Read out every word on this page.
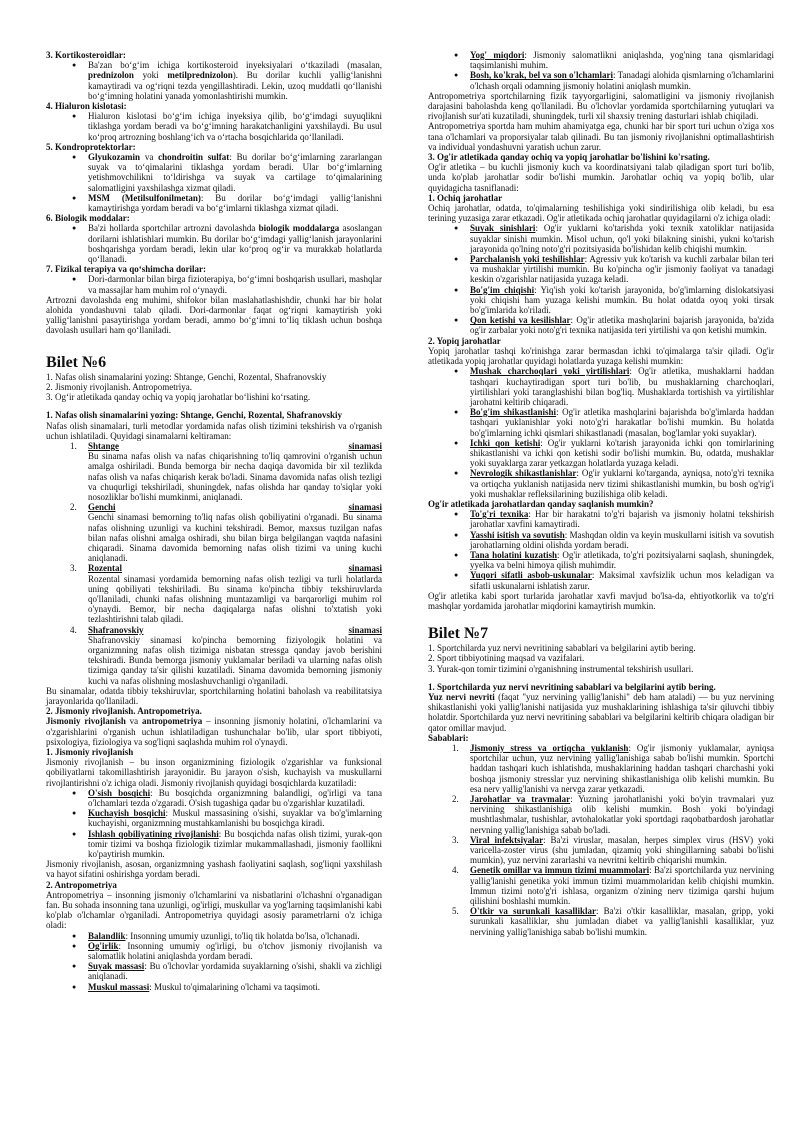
3. Kortikosteroidlar:

● Ba'zan bo‘g‘im ichiga kortikosteroid inyeksiyalari o‘tkaziladi (masalan, prednizolon yoki metilprednizolon). Bu dorilar kuchli yallig‘lanishni kamaytiradi va og‘riqni tezda yengillashtiradi. Lekin, uzoq muddatli qo‘llanishi bo‘g‘imning holatini yanada yomonlashtirishi mumkin.

4. Hialuron kislotasi:

● Hialuron kislotasi bo‘g‘im ichiga inyeksiya qilib, bo‘g‘imdagi suyuqlikni tiklashga yordam beradi va bo‘g‘imning harakatchanligini yaxshilaydi. Bu usul ko‘proq artrozning boshlang‘ich va o‘rtacha bosqichlarida qo‘llaniladi.

5. Kondroprotektorlar:

● Glyukozamin va chondroitin sulfat: Bu dorilar bo‘g‘imlarning zararlangan suyak va to‘qimalarini tiklashga yordam beradi. Ular bo‘g‘imlarning yetishmovchilikni to‘ldirishga va suyak va cartilage to‘qimalarining salomatligini yaxshilashga xizmat qiladi.
● MSM (Metilsulfonilmetan): Bu dorilar bo‘g‘imdagi yallig‘lanishni kamaytirishga yordam beradi va bo‘g‘imlarni tiklashga xizmat qiladi.

6. Biologik moddalar:

● Ba'zi hollarda sportchilar artrozni davolashda biologik moddalarga asoslangan dorilarni ishlatishlari mumkin. Bu dorilar bo‘g‘imdagi yallig‘lanish jarayonlarini boshqarishga yordam beradi, lekin ular ko‘proq og‘ir va murakkab holatlarda qo‘llanadi.

7. Fizikal terapiya va qo‘shimcha dorilar:

● Dori-darmonlar bilan birga fizioterapiya, bo‘g‘imni boshqarish usullari, mashqlar va massajlar ham muhim rol o‘ynaydi.

Artrozni davolashda eng muhimi, shifokor bilan maslahatlashishdir, chunki har bir holat alohida yondashuvni talab qiladi. Dori-darmonlar faqat og‘riqni kamaytirish yoki yallig‘lanishni pasaytirishga yordam beradi, ammo bo‘g‘imni to‘liq tiklash uchun boshqa davolash usullari ham qo‘llaniladi.

Bilet №6

1. Nafas olish sinamalarini yozing: Shtange, Genchi, Rozental, Shafranovskiy

2. Jismoniy rivojlanish. Antropometriya.

3. Og‘ir atletikada qanday ochiq va yopiq jarohatlar bo‘lishini ko‘rsating.

1. Nafas olish sinamalarini yozing: Shtange, Genchi, Rozental, Shafranovskiy

Nafas olish sinamalari, turli metodlar yordamida nafas olish tizimini tekshirish va o'rganish uchun ishlatiladi. Quyidagi sinamalarni keltiraman:

1. Shtange	sinamasi
Bu sinama nafas olish va nafas chiqarishning to'liq qamrovini o'rganish uchun amalga oshiriladi. Bunda bemorga bir necha daqiqa davomida bir xil tezlikda nafas olish va nafas chiqarish kerak bo'ladi. Sinama davomida nafas olish tezligi va chuqurligi tekshiriladi, shuningdek, nafas olishda har qanday to'siqlar yoki nosozliklar bo'lishi mumkinmi, aniqlanadi.
2. Genchi	sinamasi
Genchi sinamasi bemorning to'liq nafas olish qobiliyatini o'rganadi. Bu sinama nafas olishning uzunligi va kuchini tekshiradi. Bemor, maxsus tuzilgan nafas bilan nafas olishni amalga oshiradi, shu bilan birga belgilangan vaqtda nafasini chiqaradi. Sinama davomida bemorning nafas olish tizimi va uning kuchi aniqlanadi.
3. Rozental	sinamasi
Rozental sinamasi yordamida bemorning nafas olish tezligi va turli holatlarda uning qobiliyati tekshiriladi. Bu sinama ko'pincha tibbiy tekshiruvlarda qo'llaniladi, chunki nafas olishning muntazamligi va barqarorligi muhim rol o'ynaydi. Bemor, bir necha daqiqalarga nafas olishni to'xtatish yoki tezlashtirishni talab qiladi.
4. Shafranovskiy	sinamasi
Shafranovskiy sinamasi ko'pincha bemorning fiziyologik holatini va organizmning nafas olish tizimiga nisbatan stressga qanday javob berishini tekshiradi. Bunda bemorga jismoniy yuklamalar beriladi va ularning nafas olish tizimiga qanday ta'sir qilishi kuzatiladi. Sinama davomida bemorning jismoniy kuchi va nafas olishning moslashuvchanligi o'rganiladi.

Bu sinamalar, odatda tibbiy tekshiruvlar, sportchilarning holatini baholash va reabilitatsiya jarayonlarida qo'llaniladi.

2. Jismoniy rivojlanish. Antropometriya.

Jismoniy rivojlanish va antropometriya – insonning jismoniy holatini, o'lchamlarini va o'zgarishlarini o'rganish uchun ishlatiladigan tushunchalar bo'lib, ular sport tibbiyoti, psixologiya, fiziologiya va sog'liqni saqlashda muhim rol o'ynaydi.

1. Jismoniy rivojlanish

Jismoniy rivojlanish – bu inson organizmining fiziologik o'zgarishlar va funksional qobiliyatlarni takomillashtirish jarayonidir. Bu jarayon o'sish, kuchayish va muskullarni rivojlantirishni o'z ichiga oladi. Jismoniy rivojlanish quyidagi bosqichlarda kuzatiladi:

● O'sish bosqichi: Bu bosqichda organizmning balandligi, og'irligi va tana o'lchamlari tezda o'zgaradi. O'sish tugashiga qadar bu o'zgarishlar kuzatiladi.
● Kuchayish bosqichi: Muskul massasining o'sishi, suyaklar va bo'g'imlarning kuchayishi, organizmning mustahkamlanishi bu bosqichga kiradi.
● Ishlash qobiliyatining rivojlanishi: Bu bosqichda nafas olish tizimi, yurak-qon tomir tizimi va boshqa fiziologik tizimlar mukammallashadi, jismoniy faollikni ko'paytirish mumkin.

Jismoniy rivojlanish, asosan, organizmning yashash faoliyatini saqlash, sog'liqni yaxshilash va hayot sifatini oshirishga yordam beradi.

2. Antropometriya

Antropometriya – insonning jismoniy o'lchamlarini va nisbatlarini o'lchashni o'rganadigan fan. Bu sohada insonning tana uzunligi, og'irligi, muskullar va yog'larning taqsimlanishi kabi ko'plab o'lchamlar o'rganiladi. Antropometriya quyidagi asosiy parametrlarni o'z ichiga oladi:

● Balandlik: Insonning umumiy uzunligi, to'liq tik holatda bo'lsa, o'lchanadi.
● Og'irlik: Insonning umumiy og'irligi, bu o'tchov jismoniy rivojlanish va salomatlik holatini aniqlashda yordam beradi.
● Suyak massasi: Bu o'lchovlar yordamida suyaklarning o'sishi, shakli va zichligi aniqlanadi.
● Muskul massasi: Muskul to'qimalarining o'lchami va taqsimoti.
● Yog' miqdori: Jismoniy salomatlikni aniqlashda, yog'ning tana qismlaridagi taqsimlanishi muhim.
● Bosh, ko'krak, bel va son o'lchamlari: Tanadagi alohida qismlarning o'lchamlarini o'lchash orqali odamning jismoniy holatini aniqlash mumkin.

Antropometriya sportchilarning fizik tayyorgarligini, salomatligini va jismoniy rivojlanish darajasini baholashda keng qo'llaniladi. Bu o'lchovlar yordamida sportchilarning yutuqlari va rivojlanish sur'ati kuzatiladi, shuningdek, turli xil shaxsiy trening dasturlari ishlab chiqiladi.

Antropometriya sportda ham muhim ahamiyatga ega, chunki har bir sport turi uchun o'ziga xos tana o'lchamlari va proporsiyalar talab qilinadi. Bu tan jismoniy rivojlanishni optimallashtirish va individual yondashuvni yaratish uchun zarur.

3. Og'ir atletikada qanday ochiq va yopiq jarohatlar bo'lishini ko'rsating.

Og'ir atletika – bu kuchli jismoniy kuch va koordinatsiyani talab qiladigan sport turi bo'lib, unda ko'plab jarohatlar sodir bo'lishi mumkin. Jarohatlar ochiq va yopiq bo'lib, ular quyidagicha tasniflanadi:

1. Ochiq jarohatlar

Ochiq jarohatlar, odatda, to'qimalarning teshilishiga yoki sindirilishiga olib keladi, bu esa terining yuzasiga zarar etkazadi. Og'ir atletikada ochiq jarohatlar quyidagilarni o'z ichiga oladi:

● Suyak sinishlari: Og'ir yuklarni ko'tarishda yoki texnik xatoliklar natijasida suyaklar sinishi mumkin. Misol uchun, qo'l yoki bilakning sinishi, yukni ko'tarish jarayonida qo'lning noto'g'ri pozitsiyasida bo'lishidan kelib chiqishi mumkin.
● Parchalanish yoki teshilishlar: Agressiv yuk ko'tarish va kuchli zarbalar bilan teri va mushaklar yirtilishi mumkin. Bu ko'pincha og'ir jismoniy faoliyat va tanadagi keskin o'zgarishlar natijasida yuzaga keladi.
● Bo'g'im chiqishi: Yiq'ish yoki ko'tarish jarayonida, bo'g'imlarning dislokatsiyasi yoki chiqishi ham yuzaga kelishi mumkin. Bu holat odatda oyoq yoki tirsak bo'g'imlarida ko'riladi.
● Qon ketishi va kesilishlar: Og'ir atletika mashqlarini bajarish jarayonida, ba'zida og'ir zarbalar yoki noto'g'ri texnika natijasida teri yirtilishi va qon ketishi mumkin.

2. Yopiq jarohatlar

Yopiq jarohatlar tashqi ko'rinishga zarar bermasdan ichki to'qimalarga ta'sir qiladi. Og'ir atletikada yopiq jarohatlar quyidagi holatlarda yuzaga kelishi mumkin:

● Mushak charchoqlari yoki yirtilishlari: Og'ir atletika, mushaklarni haddan tashqari kuchaytiradigan sport turi bo'lib, bu mushaklarning charchoqlari, yirtilishlari yoki taranglashishi bilan bog'liq. Mushaklarda tortishish va yirtilishlar jarohatni keltirib chiqaradi.
● Bo'g'im shikastlanishi: Og'ir atletika mashqlarini bajarishda bo'g'imlarda haddan tashqari yuklanishlar yoki noto'g'ri harakatlar bo'lishi mumkin. Bu holatda bo'g'imlarning ichki qismlari shikastlanadi (masalan, bog'lamlar yoki suyaklar).
● Ichki qon ketishi: Og'ir yuklarni ko'tarish jarayonida ichki qon tomirlarining shikastlanishi va ichki qon ketishi sodir bo'lishi mumkin. Bu, odatda, mushaklar yoki suyaklarga zarar yetkazgan holatlarda yuzaga keladi.
● Nevrologik shikastlanishlar: Og'ir yuklarni ko'targanda, ayniqsa, noto'g'ri texnika va ortiqcha yuklanish natijasida nerv tizimi shikastlanishi mumkin, bu bosh og'rig'i yoki mushaklar refleksilarining buzilishiga olib keladi.

Og'ir atletikada jarohatlardan qanday saqlanish mumkin?

● To'g'ri texnika: Har bir harakatni to'g'ri bajarish va jismoniy holatni tekshirish jarohatlar xavfini kamaytiradi.
● Yasshi isitish va sovutish: Mashqdan oldin va keyin muskullarni isitish va sovutish jarohatlarning oldini olishda yordam beradi.
● Tana holatini kuzatish: Og'ir atletikada, to'g'ri pozitsiyalarni saqlash, shuningdek, yyelka va belni himoya qilish muhimdir.
● Yuqori sifatli asbob-uskunalar: Maksimal xavfsizlik uchun mos keladigan va sifatli uskunalarni ishlatish zarur.

Og'ir atletika kabi sport turlarida jarohatlar xavfi mavjud bo'lsa-da, ehtiyotkorlik va to'g'ri mashqlar yordamida jarohatlar miqdorini kamaytirish mumkin.

Bilet №7

1. Sportchilarda yuz nervi nevritining sabablari va belgilarini aytib bering.

2. Sport tibbiyotining maqsad va vazifalari.

3. Yurak-qon tomir tizimini o'rganishning instrumental tekshirish usullari.

1. Sportchilarda yuz nervi nevritining sabablari va belgilarini aytib bering.

Yuz nervi nevriti (faqat "yuz nervining yallig'lanishi" deb ham ataladi) — bu yuz nervining shikastlanishi yoki yallig'lanishi natijasida yuz mushaklarining ishlashiga ta'sir qiluvchi tibbiy holatdir. Sportchilarda yuz nervi nevritining sabablari va belgilarini keltirib chiqara oladigan bir qator omillar mavjud.

Sabablari:

1. Jismoniy stress va ortiqcha yuklanish: Og'ir jismoniy yuklamalar, ayniqsa sportchilar uchun, yuz nervining yallig'lanishiga sabab bo'lishi mumkin. Sportchi haddan tashqari kuch ishlatishda, mushaklarining haddan tashqari charchashi yoki boshqa jismoniy stresslar yuz nervining shikastlanishiga olib kelishi mumkin. Bu esa nerv yallig'lanishi va nervga zarar yetkazadi.
2. Jarohatlar va travmalar: Yuzning jarohatlanishi yoki bo'yin travmalari yuz nervining shikastlanishiga olib kelishi mumkin. Bosh yoki bo'yindagi mushtlashmalar, tushishlar, avtohalokatlar yoki sportdagi raqobatbardosh jarohatlar nervning yallig'lanishiga sabab bo'ladi.
3. Viral infektsiyalar: Ba'zi viruslar, masalan, herpes simplex virus (HSV) yoki varicella-zoster virus (shu jumladan, qizamiq yoki shingillarning sababi bo'lishi mumkin), yuz nervini zararlashi va nevritni keltirib chiqarishi mumkin.
4. Genetik omillar va immun tizimi muammolari: Ba'zi sportchilarda yuz nervining yallig'lanishi genetika yoki immun tizimi muammolaridan kelib chiqishi mumkin. Immun tizimi noto'g'ri ishlasa, organizm o'zining nerv tizimiga qarshi hujum qilishini boshlashi mumkin.
5. O'tkir va surunkali kasalliklar: Ba'zi o'tkir kasalliklar, masalan, gripp, yoki surunkali kasalliklar, shu jumladan diabet va yallig'lanishli kasalliklar, yuz nervining yallig'lanishiga sabab bo'lishi mumkin.
